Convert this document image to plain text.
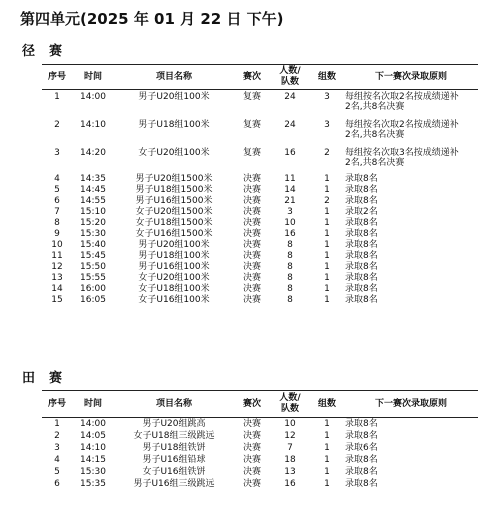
第四单元(2025 年 01 月 22 日 下午)
径赛
序号	时间	项目名称	赛次	人数/
队数	组数	下一赛次录取原则
1	14:00	男子U20组100米	复赛	24	3	每组按名次取2名按成绩递补
2名,共8名决赛

2	14:10	男子U18组100米	复赛	24	3	每组按名次取2名按成绩递补
2名,共8名决赛

3	14:20	女子U20组100米	复赛	16	2	每组按名次取3名按成绩递补
2名,共8名决赛

4	14:35	男子U20组1500米	决赛	11	1	录取8名

5	14:45	男子U18组1500米	决赛	14	1	录取8名

6	14:55	男子U16组1500米	决赛	21	2	录取8名

7	15:10	女子U20组1500米	决赛	3	1	录取2名

8	15:20	女子U18组1500米	决赛	10	1	录取8名

9	15:30	女子U16组1500米	决赛	16	1	录取8名

10	15:40	男子U20组100米	决赛	8	1	录取8名

11	15:45	男子U18组100米	决赛	8	1	录取8名

12	15:50	男子U16组100米	决赛	8	1	录取8名

13	15:55	女子U20组100米	决赛	8	1	录取8名

14	16:00	女子U18组100米	决赛	8	1	录取8名

15	16:05	女子U16组100米	决赛	8	1	录取8名
田赛
序号	时间	项目名称	赛次	人数/
队数	组数	下一赛次录取原则
1	14:00	男子U20组跳高	决赛	10	1	录取8名

2	14:05	女子U18组三级跳远	决赛	12	1	录取8名

3	14:10	男子U18组铁饼	决赛	7	1	录取6名

4	14:15	男子U16组铅球	决赛	18	1	录取8名

5	15:30	女子U16组铁饼	决赛	13	1	录取8名

6	15:35	男子U16组三级跳远	决赛	16	1	录取8名
